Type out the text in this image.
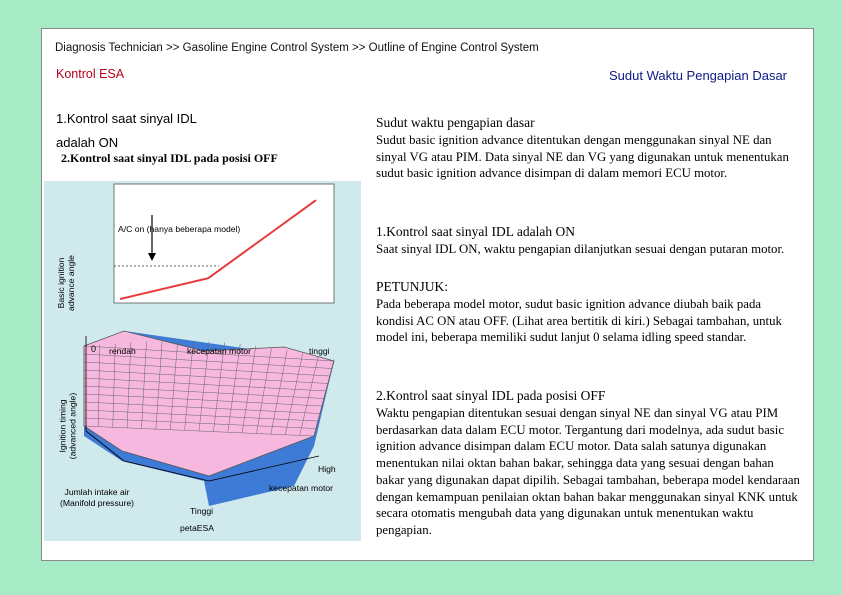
Diagnosis Technician >> Gasoline Engine Control System >> Outline of Engine Control System
Kontrol ESA	Sudut Waktu Pengapian Dasar
1.Kontrol saat sinyal IDL
adalah ON
2.Kontrol saat sinyal IDL pada posisi OFF
A/C on (hanya beberapa model)
Basic ignition advance angle
0 rendah	kecepatan motor	tinggi
Ignition timing (advanced angle)
High
kecepatan motor
Jumlah intake air
(Manifold pressure)
Tinggi
petaESA
Sudut waktu pengapian dasar
Sudut basic ignition advance ditentukan dengan menggunakan sinyal NE dan sinyal VG atau PIM. Data sinyal NE dan VG yang digunakan untuk menentukan sudut basic ignition advance disimpan di dalam memori ECU motor.
1.Kontrol saat sinyal IDL adalah ON
Saat sinyal IDL ON, waktu pengapian dilanjutkan sesuai dengan putaran motor.
PETUNJUK:
Pada beberapa model motor, sudut basic ignition advance diubah baik pada kondisi AC ON atau OFF. (Lihat area bertitik di kiri.) Sebagai tambahan, untuk model ini, beberapa memiliki sudut lanjut 0 selama idling speed standar.
2.Kontrol saat sinyal IDL pada posisi OFF
Waktu pengapian ditentukan sesuai dengan sinyal NE dan sinyal VG atau PIM berdasarkan data dalam ECU motor. Tergantung dari modelnya, ada sudut basic ignition advance disimpan dalam ECU motor. Data salah satunya digunakan menentukan nilai oktan bahan bakar, sehingga data yang sesuai dengan bahan bakar yang digunakan dapat dipilih. Sebagai tambahan, beberapa model kendaraan dengan kemampuan penilaian oktan bahan bakar menggunakan sinyal KNK untuk secara otomatis mengubah data yang digunakan untuk menentukan waktu pengapian.
